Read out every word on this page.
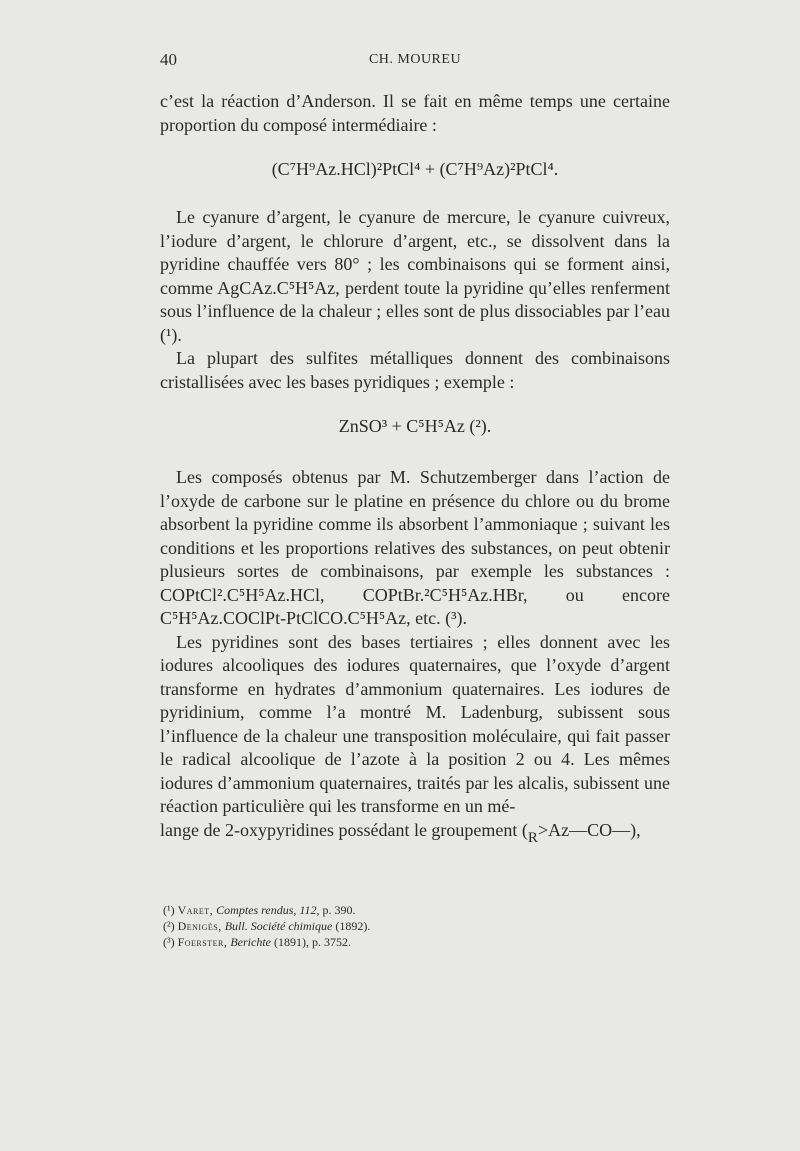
40	CH. MOUREU

c’est la réaction d’Anderson. Il se fait en même temps une certaine proportion du composé intermédiaire :

(C⁷H⁹Az.HCl)²PtCl⁴ + (C⁷H⁹Az)²PtCl⁴.

Le cyanure d’argent, le cyanure de mercure, le cyanure cuivreux, l’iodure d’argent, le chlorure d’argent, etc., se dissolvent dans la pyridine chauffée vers 80° ; les combinaisons qui se forment ainsi, comme AgCAz.C⁵H⁵Az, perdent toute la pyridine qu’elles renferment sous l’influence de la chaleur ; elles sont de plus dissociables par l’eau (¹).

La plupart des sulfites métalliques donnent des combinaisons cristallisées avec les bases pyridiques ; exemple :

ZnSO³ + C⁵H⁵Az (²).

Les composés obtenus par M. Schutzemberger dans l’action de l’oxyde de carbone sur le platine en présence du chlore ou du brome absorbent la pyridine comme ils absorbent l’ammoniaque ; suivant les conditions et les proportions relatives des substances, on peut obtenir plusieurs sortes de combinaisons, par exemple les substances : COPtCl².C⁵H⁵Az.HCl, COPtBr.²C⁵H⁵Az.HBr, ou encore C⁵H⁵Az.COClPt-PtClCO.C⁵H⁵Az, etc. (³).

Les pyridines sont des bases tertiaires ; elles donnent avec les iodures alcooliques des iodures quaternaires, que l’oxyde d’argent transforme en hydrates d’ammonium quaternaires. Les iodures de pyridinium, comme l’a montré M. Ladenburg, subissent sous l’influence de la chaleur une transposition moléculaire, qui fait passer le radical alcoolique de l’azote à la position 2 ou 4. Les mêmes iodures d’ammonium quaternaires, traités par les alcalis, subissent une réaction particulière qui les transforme en un mé-

lange de 2-oxypyridines possédant le groupement (R>Az—CO—),

(¹) Varet, Comptes rendus, 112, p. 390.

(²) Denigès, Bull. Société chimique (1892).

(³) Foerster, Berichte (1891), p. 3752.
